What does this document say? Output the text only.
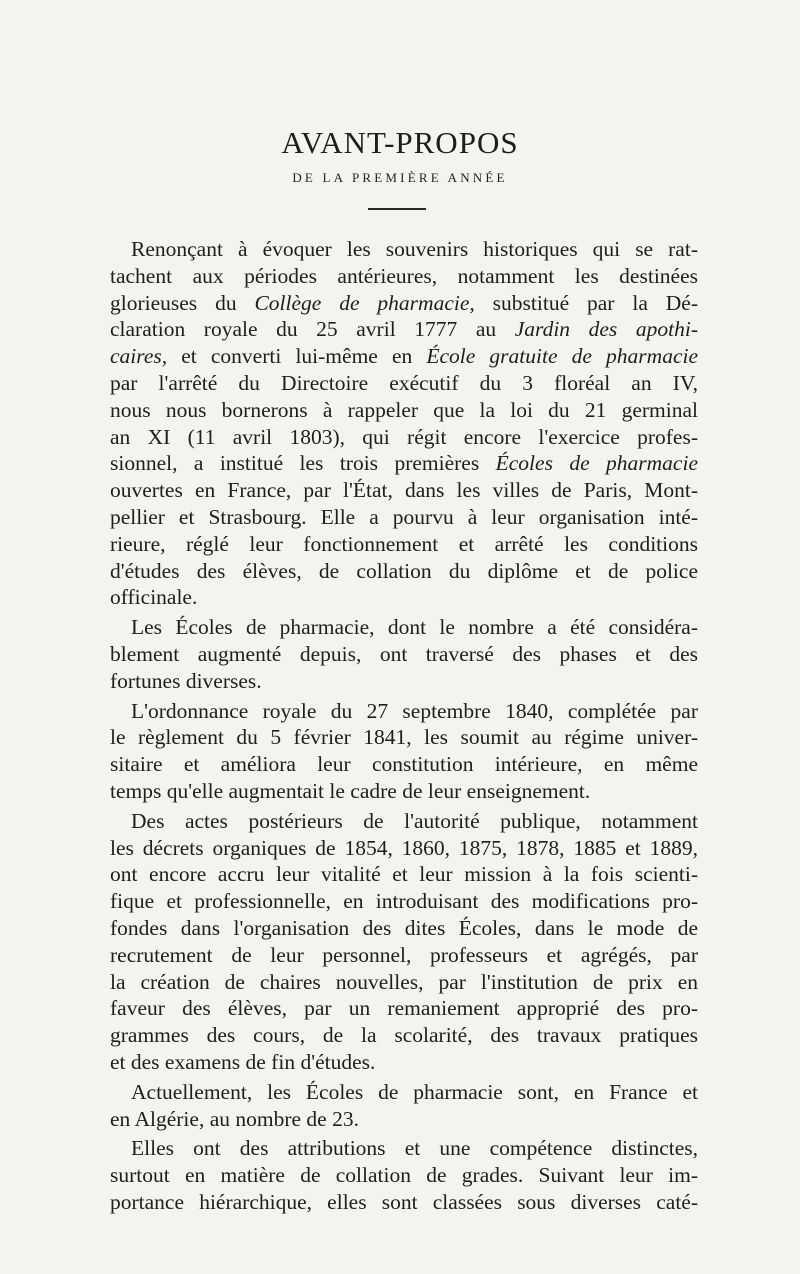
AVANT-PROPOS
DE LA PREMIÈRE ANNÉE
Renonçant à évoquer les souvenirs historiques qui se rat-
tachent aux périodes antérieures, notamment les destinées
glorieuses du Collège de pharmacie, substitué par la Dé-
claration royale du 25 avril 1777 au Jardin des apothi-
caires, et converti lui-même en École gratuite de pharmacie
par l'arrêté du Directoire exécutif du 3 floréal an IV,
nous nous bornerons à rappeler que la loi du 21 germinal
an XI (11 avril 1803), qui régit encore l'exercice profes-
sionnel, a institué les trois premières Écoles de pharmacie
ouvertes en France, par l'État, dans les villes de Paris, Mont-
pellier et Strasbourg. Elle a pourvu à leur organisation inté-
rieure, réglé leur fonctionnement et arrêté les conditions
d'études des élèves, de collation du diplôme et de police
officinale.
Les Écoles de pharmacie, dont le nombre a été considéra-
blement augmenté depuis, ont traversé des phases et des
fortunes diverses.
L'ordonnance royale du 27 septembre 1840, complétée par
le règlement du 5 février 1841, les soumit au régime univer-
sitaire et améliora leur constitution intérieure, en même
temps qu'elle augmentait le cadre de leur enseignement.
Des actes postérieurs de l'autorité publique, notamment
les décrets organiques de 1854, 1860, 1875, 1878, 1885 et 1889,
ont encore accru leur vitalité et leur mission à la fois scienti-
fique et professionnelle, en introduisant des modifications pro-
fondes dans l'organisation des dites Écoles, dans le mode de
recrutement de leur personnel, professeurs et agrégés, par
la création de chaires nouvelles, par l'institution de prix en
faveur des élèves, par un remaniement approprié des pro-
grammes des cours, de la scolarité, des travaux pratiques
et des examens de fin d'études.
Actuellement, les Écoles de pharmacie sont, en France et
en Algérie, au nombre de 23.
Elles ont des attributions et une compétence distinctes,
surtout en matière de collation de grades. Suivant leur im-
portance hiérarchique, elles sont classées sous diverses caté-
